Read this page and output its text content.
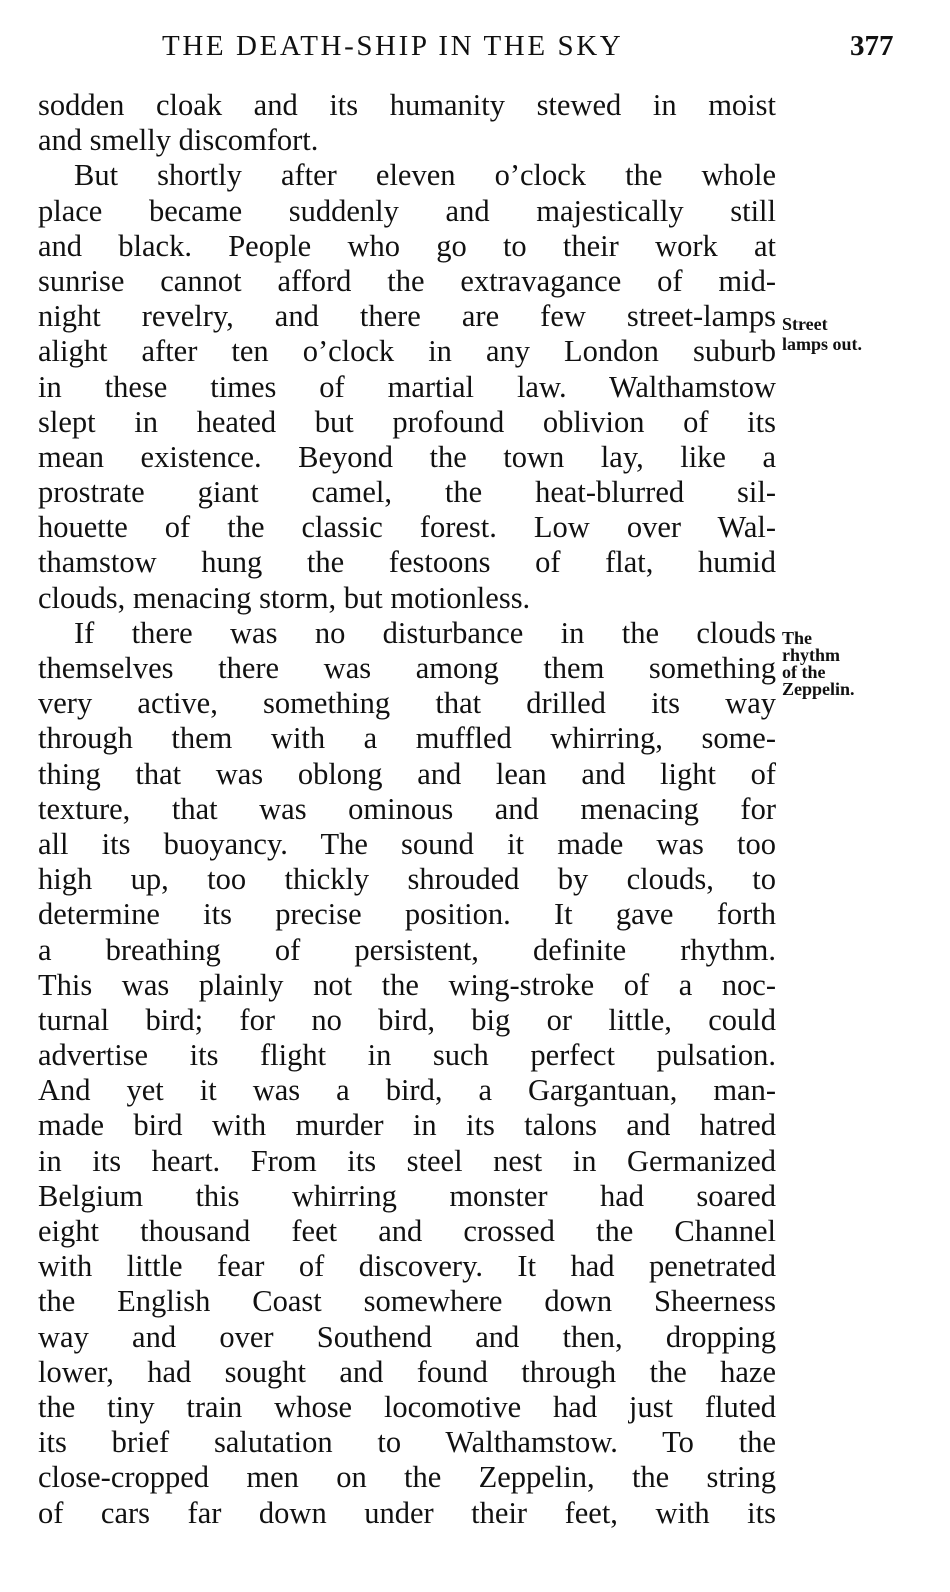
THE DEATH-SHIP IN THE SKY	377
sodden cloak and its humanity stewed in moist
and smelly discomfort.
But shortly after eleven o’clock the whole
place became suddenly and majestically still
and black. People who go to their work at
sunrise cannot afford the extravagance of mid-
night revelry, and there are few street-lamps
alight after ten o’clock in any London suburb
in these times of martial law. Walthamstow
slept in heated but profound oblivion of its
mean existence. Beyond the town lay, like a
prostrate giant camel, the heat-blurred sil-
houette of the classic forest. Low over Wal-
thamstow hung the festoons of flat, humid
clouds, menacing storm, but motionless.
If there was no disturbance in the clouds
themselves there was among them something
very active, something that drilled its way
through them with a muffled whirring, some-
thing that was oblong and lean and light of
texture, that was ominous and menacing for
all its buoyancy. The sound it made was too
high up, too thickly shrouded by clouds, to
determine its precise position. It gave forth
a breathing of persistent, definite rhythm.
This was plainly not the wing-stroke of a noc-
turnal bird; for no bird, big or little, could
advertise its flight in such perfect pulsation.
And yet it was a bird, a Gargantuan, man-
made bird with murder in its talons and hatred
in its heart. From its steel nest in Germanized
Belgium this whirring monster had soared
eight thousand feet and crossed the Channel
with little fear of discovery. It had penetrated
the English Coast somewhere down Sheerness
way and over Southend and then, dropping
lower, had sought and found through the haze
the tiny train whose locomotive had just fluted
its brief salutation to Walthamstow. To the
close-cropped men on the Zeppelin, the string
of cars far down under their feet, with its
Street
lamps out.
The
rhythm
of the
Zeppelin.
